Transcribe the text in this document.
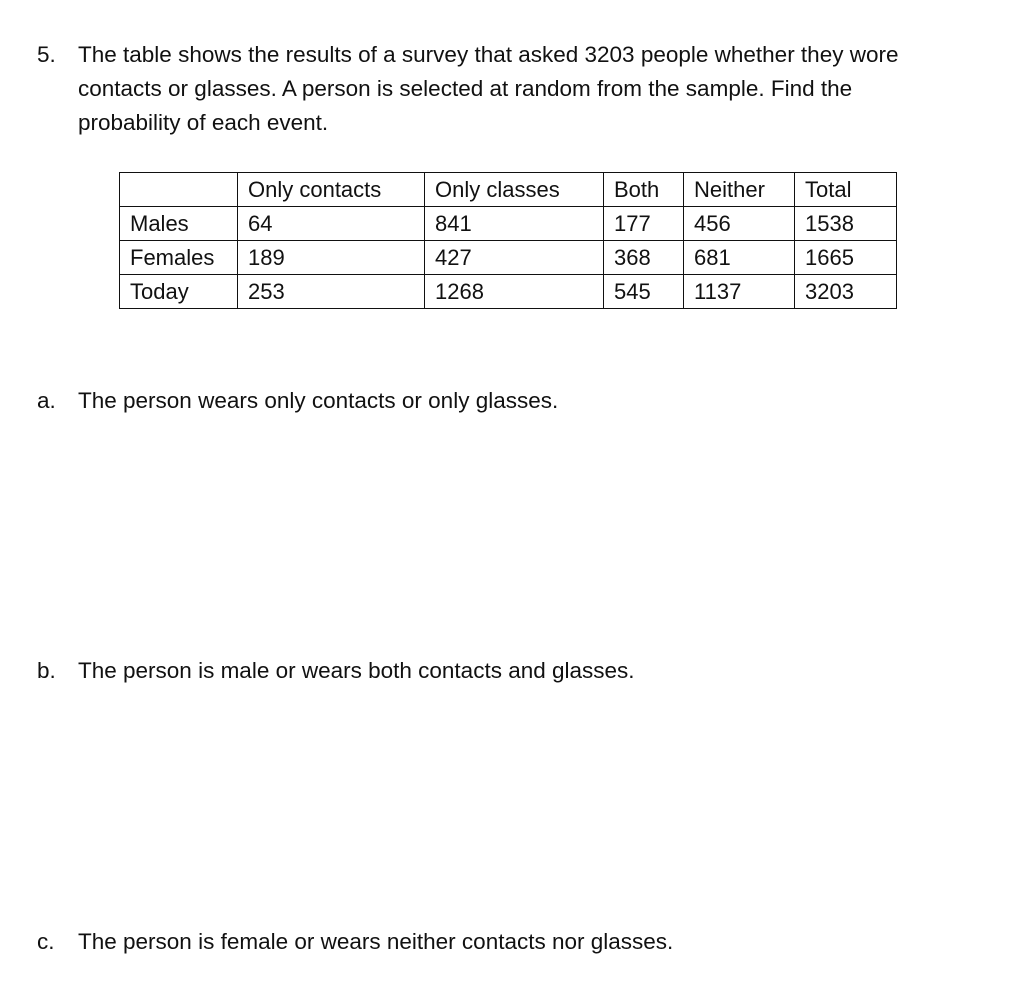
5. The table shows the results of a survey that asked 3203 people whether they wore
contacts or glasses. A person is selected at random from the sample. Find the
probability of each event.
	Only contacts	Only classes	Both	Neither	Total
Males	64	841	177	456	1538
Females	189	427	368	681	1665
Today	253	1268	545	1137	3203
a. The person wears only contacts or only glasses.
b. The person is male or wears both contacts and glasses.
c. The person is female or wears neither contacts nor glasses.
